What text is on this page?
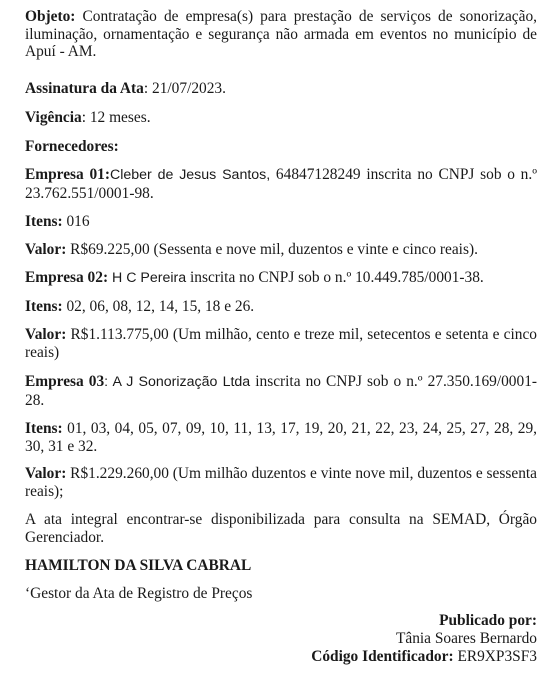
Objeto: Contratação de empresa(s) para prestação de serviços de sonorização, iluminação, ornamentação e segurança não armada em eventos no município de Apuí - AM.

Assinatura da Ata: 21/07/2023.

Vigência: 12 meses.

Fornecedores:

Empresa 01:Cleber de Jesus Santos, 64847128249 inscrita no CNPJ sob o n.º 23.762.551/0001-98.

Itens: 016

Valor: R$69.225,00 (Sessenta e nove mil, duzentos e vinte e cinco reais).

Empresa 02: H C Pereira inscrita no CNPJ sob o n.º 10.449.785/0001-38.

Itens: 02, 06, 08, 12, 14, 15, 18 e 26.

Valor: R$1.113.775,00 (Um milhão, cento e treze mil, setecentos e setenta e cinco reais)

Empresa 03: A J Sonorização Ltda inscrita no CNPJ sob o n.º 27.350.169/0001-28.

Itens: 01, 03, 04, 05, 07, 09, 10, 11, 13, 17, 19, 20, 21, 22, 23, 24, 25, 27, 28, 29, 30, 31 e 32.

Valor: R$1.229.260,00 (Um milhão duzentos e vinte nove mil, duzentos e sessenta reais);

A ata integral encontrar-se disponibilizada para consulta na SEMAD, Órgão Gerenciador.

HAMILTON DA SILVA CABRAL

‘Gestor da Ata de Registro de Preços

Publicado por:

Tânia Soares Bernardo

Código Identificador: ER9XP3SF3
